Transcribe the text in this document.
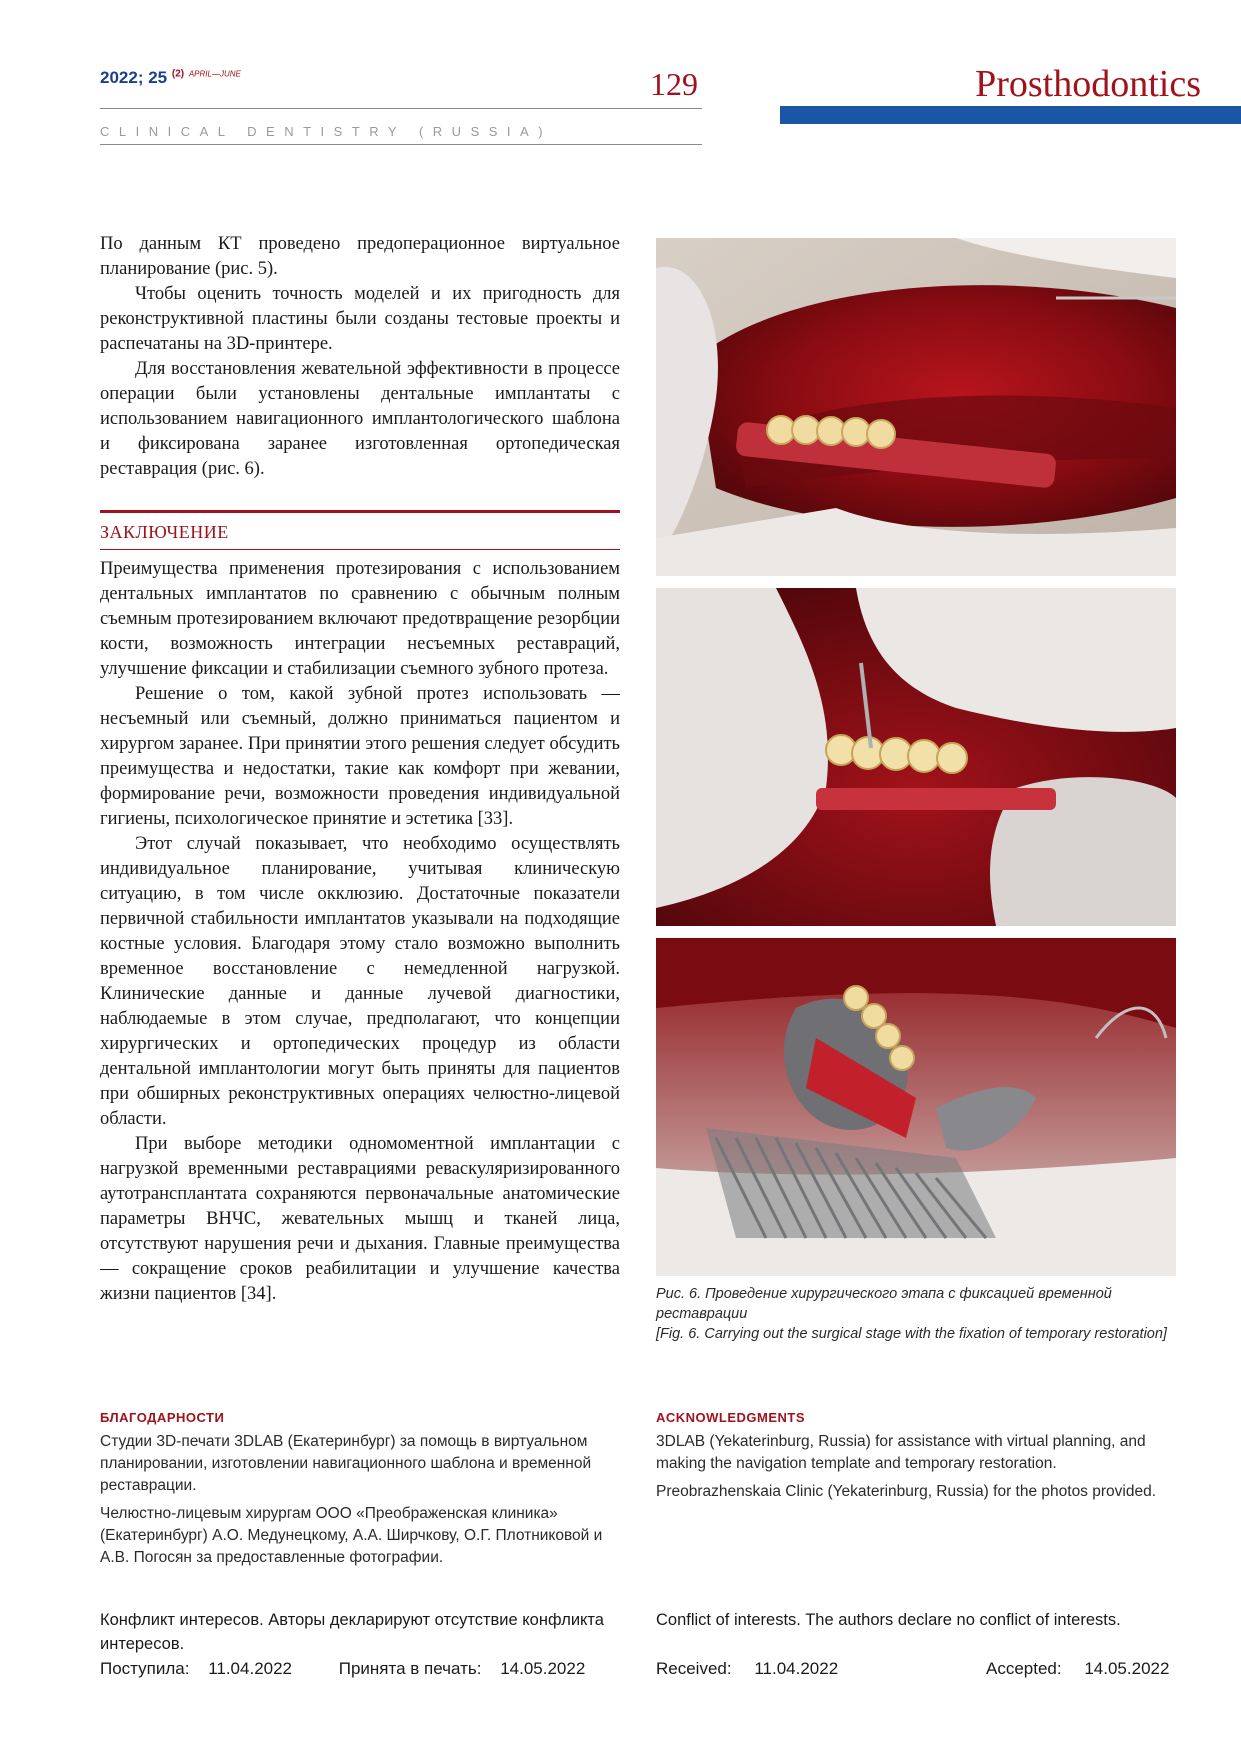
2022; 25 $^{(2)}$ $^{APRIL—JUNE}$	129
CLINICAL DENTISTRY (RUSSIA)
Prosthodontics

По данным КТ проведено предоперационное виртуальное планирование (рис. 5).

Чтобы оценить точность моделей и их пригодность для реконструктивной пластины были созданы тестовые проекты и распечатаны на 3D-принтере.

Для восстановления жевательной эффективности в процессе операции были установлены дентальные имплантаты с использованием навигационного имплантологического шаблона и фиксирована заранее изготовленная ортопедическая реставрация (рис. 6).

ЗАКЛЮЧЕНИЕ

Преимущества применения протезирования с использованием дентальных имплантатов по сравнению с обычным полным съемным протезированием включают предотвращение резорбции кости, возможность интеграции несъемных реставраций, улучшение фиксации и стабилизации съемного зубного протеза.

Решение о том, какой зубной протез использовать — несъемный или съемный, должно приниматься пациентом и хирургом заранее. При принятии этого решения следует обсудить преимущества и недостатки, такие как комфорт при жевании, формирование речи, возможности проведения индивидуальной гигиены, психологическое принятие и эстетика [33].

Этот случай показывает, что необходимо осуществлять индивидуальное планирование, учитывая клиническую ситуацию, в том числе окклюзию. Достаточные показатели первичной стабильности имплантатов указывали на подходящие костные условия. Благодаря этому стало возможно выполнить временное восстановление с немедленной нагрузкой. Клинические данные и данные лучевой диагностики, наблюдаемые в этом случае, предполагают, что концепции хирургических и ортопедических процедур из области дентальной имплантологии могут быть приняты для пациентов при обширных реконструктивных операциях челюстно-лицевой области.

При выборе методики одномоментной имплантации с нагрузкой временными реставрациями реваскуляризированного аутотрансплантата сохраняются первоначальные анатомические параметры ВНЧС, жевательных мышц и тканей лица, отсутствуют нарушения речи и дыхания. Главные преимущества — сокращение сроков реабилитации и улучшение качества жизни пациентов [34].	Рис. 6. Проведение хирургического этапа с фиксацией временной реставрации
[Fig. 6. Carrying out the surgical stage with the fixation of temporary restoration]
БЛАГОДАРНОСТИ

Студии 3D-печати 3DLAB (Екатеринбург) за помощь в виртуальном планировании, изготовлении навигационного шаблона и временной реставрации.

Челюстно-лицевым хирургам ООО «Преображенская клиника» (Екатеринбург) А.О. Медунецкому, А.А. Ширчкову, О.Г. Плотниковой и А.В. Погосян за предоставленные фотографии.

ACKNOWLEDGMENTS

3DLAB (Yekaterinburg, Russia) for assistance with virtual planning, and making the navigation template and temporary restoration.

Preobrazhenskaia Clinic (Yekaterinburg, Russia) for the photos provided.

Конфликт интересов. Авторы декларируют отсутствие конфликта интересов.
Conflict of interests. The authors declare no conflict of interests.
Поступила: 11.04.2022	Принята в печать: 14.05.2022	Received: 11.04.2022	Accepted: 14.05.2022
